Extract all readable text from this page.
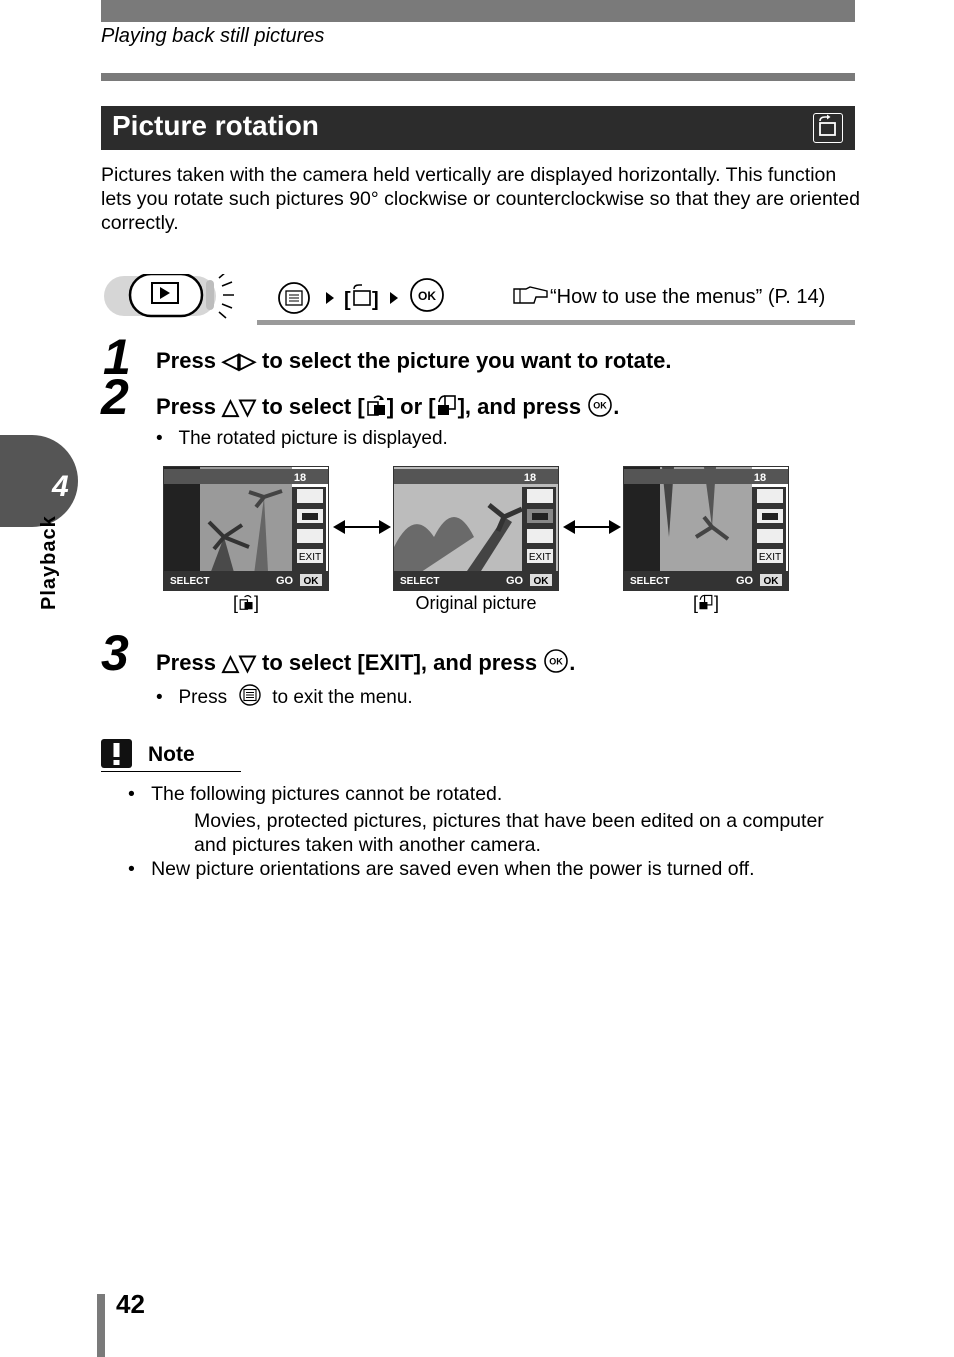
Playing back still pictures
Picture rotation
Pictures taken with the camera held vertically are displayed horizontally. This function lets you rotate such pictures 90° clockwise or counterclockwise so that they are oriented correctly.
[ ]	OK	“How to use the menus” (P. 14)
1 Press ◁▷ to select the picture you want to rotate.
2 Press △▽ to select [ ] or [ ], and press OK .
•   The rotated picture is displayed.
18
EXIT
SELECT	GO OK
18
EXIT
SELECT	GO OK
18
EXIT
SELECT	GO OK
[ ]	Original picture	[ ]
3 Press △▽ to select [EXIT], and press OK .
•   Press to exit the menu.
Note
•   The following pictures cannot be rotated.
Movies, protected pictures, pictures that have been edited on a computer and pictures taken with another camera.
•   New picture orientations are saved even when the power is turned off.
4
Playback
42
